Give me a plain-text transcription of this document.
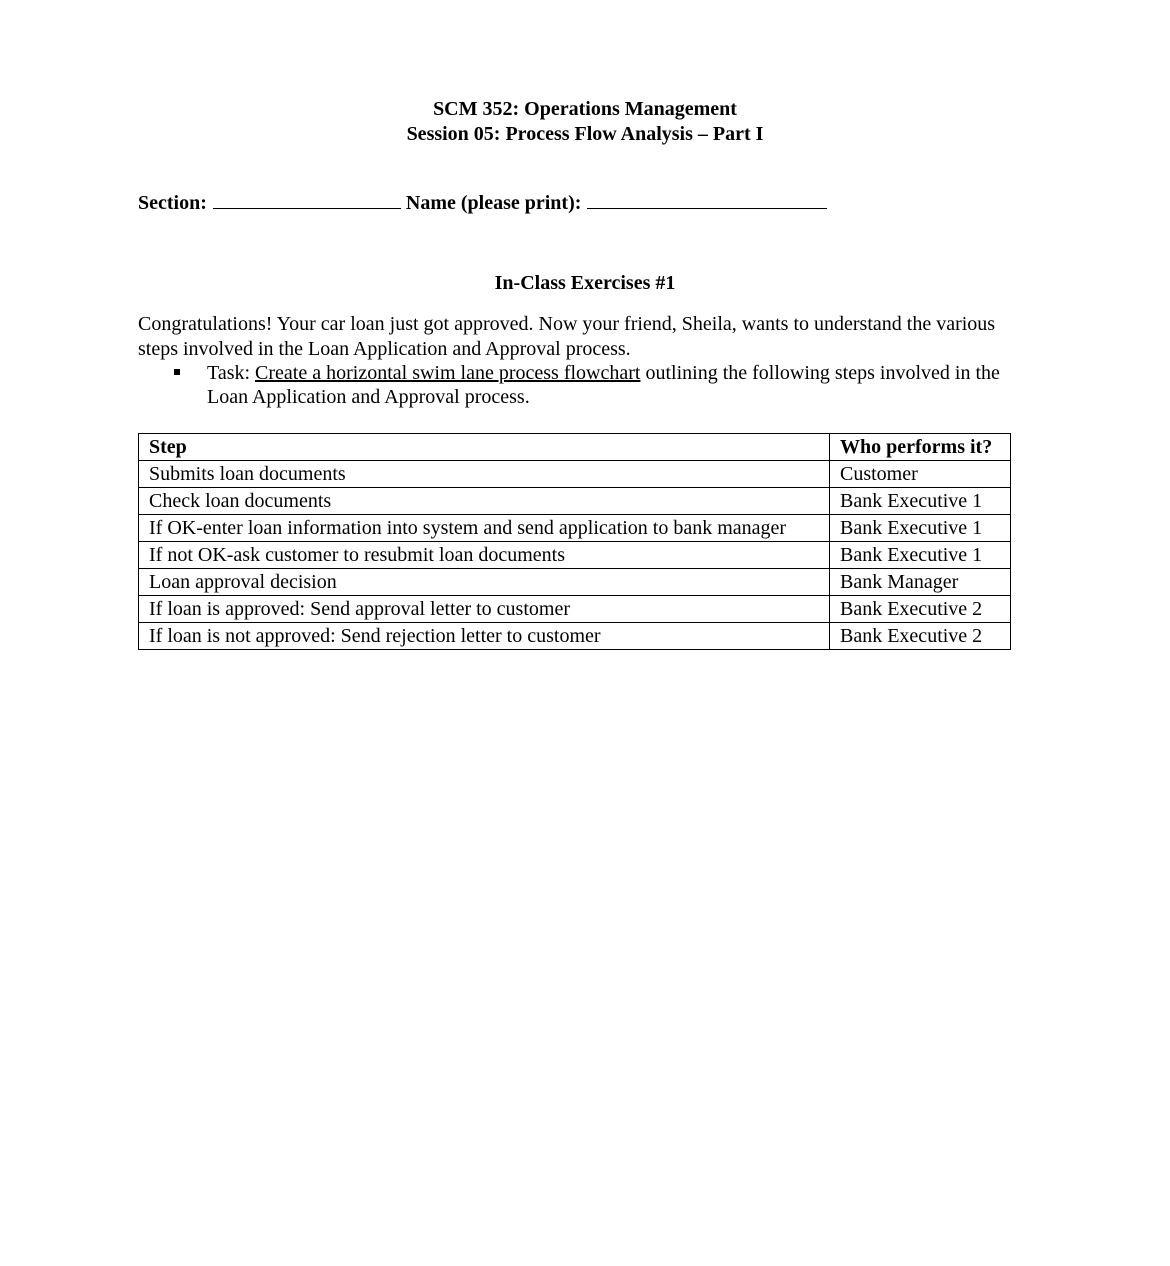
SCM 352: Operations Management
Session 05: Process Flow Analysis – Part I
Section:	Name (please print):
In-Class Exercises #1
Congratulations! Your car loan just got approved. Now your friend, Sheila, wants to understand the various steps involved in the Loan Application and Approval process.
Task: Create a horizontal swim lane process flowchart outlining the following steps involved in the Loan Application and Approval process.
Step	Who performs it?
Submits loan documents	Customer
Check loan documents	Bank Executive 1
If OK-enter loan information into system and send application to bank manager	Bank Executive 1
If not OK-ask customer to resubmit loan documents	Bank Executive 1
Loan approval decision	Bank Manager
If loan is approved: Send approval letter to customer	Bank Executive 2
If loan is not approved: Send rejection letter to customer	Bank Executive 2
